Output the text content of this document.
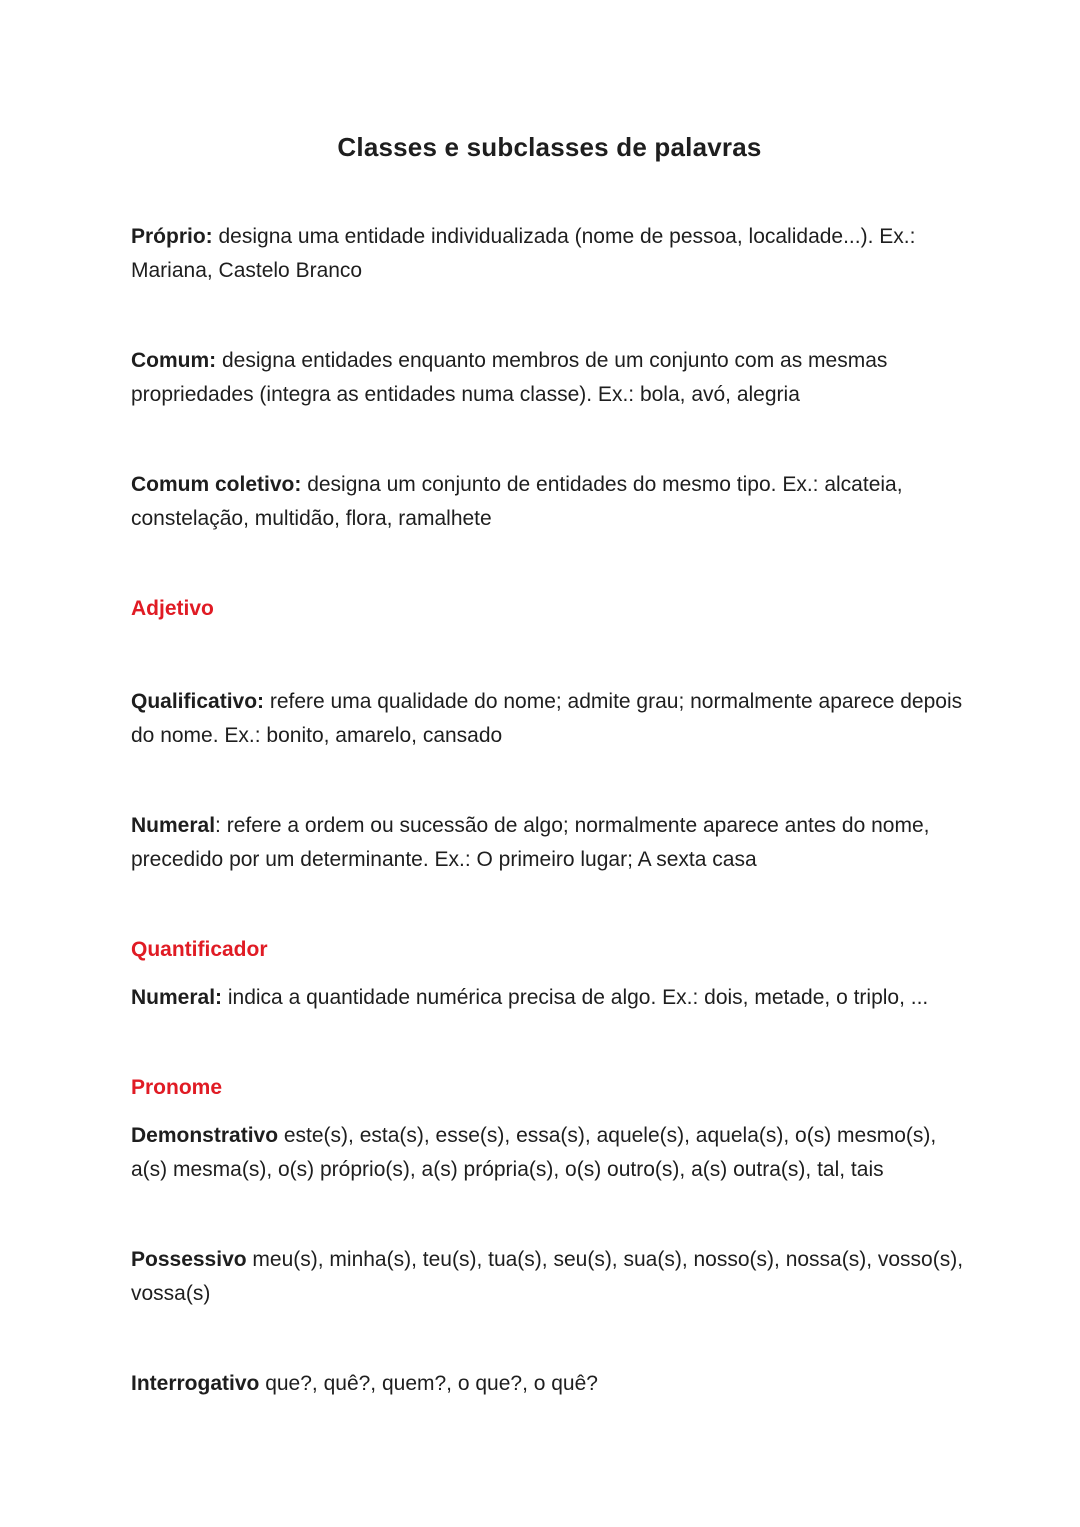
Classes e subclasses de palavras

Próprio: designa uma entidade individualizada (nome de pessoa, localidade...). Ex.: Mariana, Castelo Branco

Comum: designa entidades enquanto membros de um conjunto com as mesmas propriedades (integra as entidades numa classe). Ex.: bola, avó, alegria

Comum coletivo: designa um conjunto de entidades do mesmo tipo. Ex.: alcateia, constelação, multidão, flora, ramalhete

Adjetivo

Qualificativo: refere uma qualidade do nome; admite grau; normalmente aparece depois do nome. Ex.: bonito, amarelo, cansado

Numeral: refere a ordem ou sucessão de algo; normalmente aparece antes do nome, precedido por um determinante. Ex.: O primeiro lugar; A sexta casa

Quantificador

Numeral: indica a quantidade numérica precisa de algo. Ex.: dois, metade, o triplo, ...

Pronome

Demonstrativo este(s), esta(s), esse(s), essa(s), aquele(s), aquela(s), o(s) mesmo(s), a(s) mesma(s), o(s) próprio(s), a(s) própria(s), o(s) outro(s), a(s) outra(s), tal, tais

Possessivo meu(s), minha(s), teu(s), tua(s), seu(s), sua(s), nosso(s), nossa(s), vosso(s), vossa(s)

Interrogativo que?, quê?, quem?, o que?, o quê?
